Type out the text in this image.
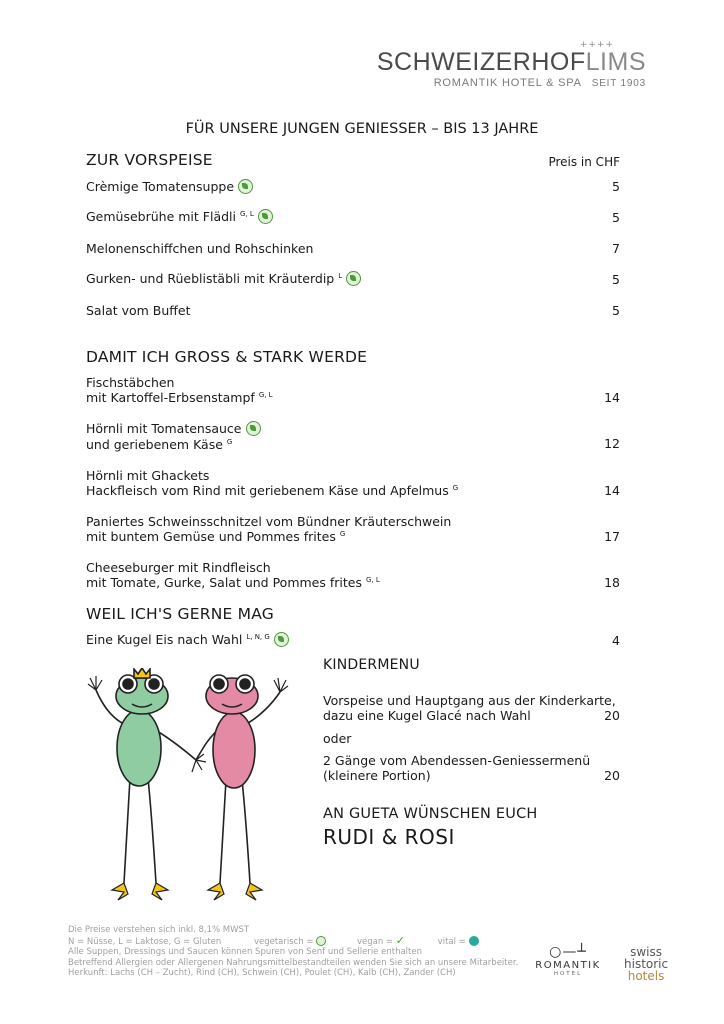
++++
SCHWEIZERHOFLIMS
ROMANTIK HOTEL & SPA SEIT 1903
FÜR UNSERE JUNGEN GENIESSER – BIS 13 JAHRE
ZUR VORSPEISE	Preis in CHF
Crèmige Tomatensuppe	5
Gemüsebrühe mit Flädli $^{G, L}$	5
Melonenschiffchen und Rohschinken	7
Gurken- und Rüeblistäbli mit Kräuterdip $^L$	5
Salat vom Buffet	5
DAMIT ICH GROSS & STARK WERDE
Fischstäbchen
mit Kartoffel-Erbsenstampf $^{G, L}$	14
Hörnli mit Tomatensauce
und geriebenem Käse $^G$	12
Hörnli mit Ghackets
Hackfleisch vom Rind mit geriebenem Käse und Apfelmus $^G$	14
Paniertes Schweinsschnitzel vom Bündner Kräuterschwein
mit buntem Gemüse und Pommes frites $^G$	17
Cheeseburger mit Rindfleisch
mit Tomate, Gurke, Salat und Pommes frites $^{G, L}$	18
WEIL ICH'S GERNE MAG
Eine Kugel Eis nach Wahl $^{L, N, G}$	4
KINDERMENU
Vorspeise und Hauptgang aus der Kinderkarte,
dazu eine Kugel Glacé nach Wahl	20
oder
2 Gänge vom Abendessen-Geniessermenü
(kleinere Portion)	20
AN GUETA WÜNSCHEN EUCH
RUDI & ROSI
Die Preise verstehen sich inkl. 8,1% MWST
N = Nüsse, L = Laktose, G = Gluten	vegetarisch =	vegan = ✓	vital =
Alle Suppen, Dressings und Saucen können Spuren von Senf und Sellerie enthalten
Betreffend Allergien oder Allergenen Nahrungsmittelbestandteilen wenden Sie sich an unsere Mitarbeiter.
Herkunft: Lachs (CH – Zucht), Rind (CH), Schwein (CH), Poulet (CH), Kalb (CH), Zander (CH)
○—┴
ROMANTIK
HOTEL
swiss
historic
hotels
